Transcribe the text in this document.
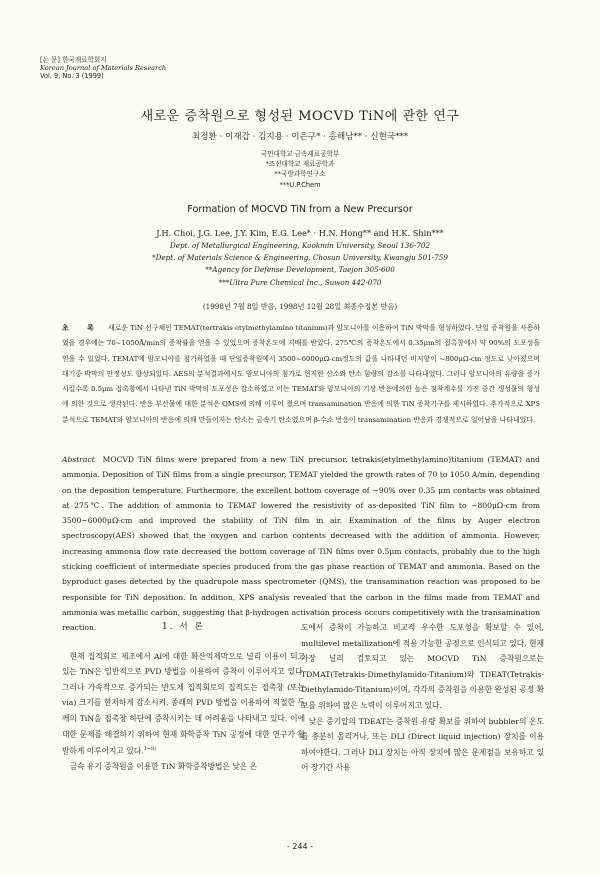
[논 문] 한국재료학회지
Korean Journal of Materials Research
Vol. 9, No. 3 (1999)
새로운 증착원으로 형성된 MOCVD TiN에 관한 연구
최정환 · 이재갑 · 김지용 · 이은구* · 홍해남** · 신현국***
국민대학교 금속재료공학부
*조선대학교 재료공학과
**국방과학연구소
***U.P.Chem
Formation of MOCVD TiN from a New Precursor
J.H. Choi, J.G. Lee, J.Y. Kim, E.G. Lee* · H.N. Hong** and H.K. Shin***
Dept. of Metallurgical Engineering, Kookmin University, Seoul 136-702
*Dept. of Materials Science & Engineering, Chosun University, Kwangju 501-759
**Agency for Defense Development, Taejon 305-600
***Ultra Pure Chemical Inc., Suwon 442-070
(1998년 7월 8일 받음, 1998년 12월 28일 최종수정본 받음)
초 록 새로운 TiN 선구체인 TEMAT(tertrakis etylmethylamino titanium)과 암모니아를 이용하여 TiN 박막을 형성하였다. 단일 증착원을 사용하였을 경우에는 70~1050Å/min의 증착률을 얻을 수 있었으며 증착온도에 지배를 받았다. 275℃의 증착온도에서 0.35μm의 접촉창에서 약 90%의 도포성을 얻을 수 있었다. TEMAT에 암모니아를 첨가하였을 때 단일증착원에서 3500~6000μΩ-cm정도의 값을 나타내던 비저항이 ~800μΩ-cm 정도로 낮아졌으며 대기중 박막의 안정성도 향상되었다. AES의 분석결과에서도 암모니아의 첨가로 현저한 산소와 탄소 함량의 감소를 나타내었다. 그러나 암모니아의 유량을 증가시킬수록 0.5μm 접촉창에서 나타낸 TiN 박막의 도포성은 감소하였고 이는 TEMAT와 암모니아의 기상 반응에의한 높은 점착계수를 가진 중간 생성물의 형성에 의한 것으로 생각된다. 반응 부산물에 대한 분석은 QMS에 의해 이루어 졌으며 transamination 반응에 의한 TiN 증착기구를 제시하였다. 추가적으로 XPS 분석으로 TEMAT와 암모니아의 반응에 의해 만들어지는 탄소는 금속기 탄소였으며 β-수소 반응이 transamination 반응과 경쟁적으로 일어남을 나타내었다.
Abstract MOCVD TiN films were prepared from a new TiN precursor, tetrakis(etylmethylamino)titanium (TEMAT) and ammonia. Deposition of TiN films from a single precursor, TEMAT yielded the growth rates of 70 to 1050 A/min, depending on the deposition temperature. Furthermore, the excellent bottom coverage of ~90% over 0.35 μm contacts was obtained at 275℃. The addition of ammonia to TEMAT lowered the resistivity of as-deposited TiN film to ~800μΩ-cm from 3500~6000μΩ-cm and improved the stability of TiN film in air. Examination of the films by Auger electron spectroscopy(AES) showed that the oxygen and carbon contents decreased with the addition of ammonia. However, increasing ammonia flow rate decreased the bottom coverage of TiN films over 0.5μm contacts, probably due to the high sticking coefficient of intermediate species produced from the gas phase reaction of TEMAT and ammonia. Based on the byproduct gases detected by the quadrupole mass spectrometer (QMS), the transamination reaction was proposed to be responsible for TiN deposition. In addition, XPS analysis revealed that the carbon in the films made from TEMAT and ammonia was metallic carbon, suggesting that β-hydrogen activation process occurs competitively with the transamination reaction.	1. 서 론

현재 집적회로 제조에서 Al에 대한 확산억제막으로 널리 이용이 되고 있는 TiN은 일반적으로 PVD 방법을 이용하여 증착이 이루어지고 있다. 그러나 가속적으로 증가되는 반도체 집적회로의 집적도는 접촉창 (또는 via) 크기를 현저하게 감소시켜, 종래의 PVD 방법을 이용하여 적절한 두께의 TiN을 접촉창 하단에 증착시키는 데 어려움을 나타내고 있다. 이에대한 문제를 해결하기 위하여 현재 화학증착 TiN 공정에 대한 연구가 활발하게 이루어지고 있다.$^{1\sim 8)}$

금속 유기 증착원을 이용한 TiN 화학증착방법은 낮은 온

도에서 증착이 가능하고 비교적 우수한 도포성을 확보할 수 있어, multilevel metallization에 적용 가능한 공정으로 인식되고 있다. 현재 가장 널리 검토되고 있는 MOCVD TiN 증착원으로는 TDMAT(Tetrakis-Dimethylamido-Titanium)와 TDEAT(Tetrakis-Diethylamido-Titanium)이며, 각각의 증착원을 이용한 완성된 공정 확보를 위하여 많은 노력이 이루어지고 있다.

낮은 증기압의 TDEAT는 증착원 유량 확보를 위하여 bubbler의 온도를 충분히 올리거나, 또는 DLI (Direct liquid injection) 장치를 이용하여야한다. 그러나 DLI 장치는 아직 장치에 많은 문제점을 보유하고 있어 장기간 사용

- 244 -
